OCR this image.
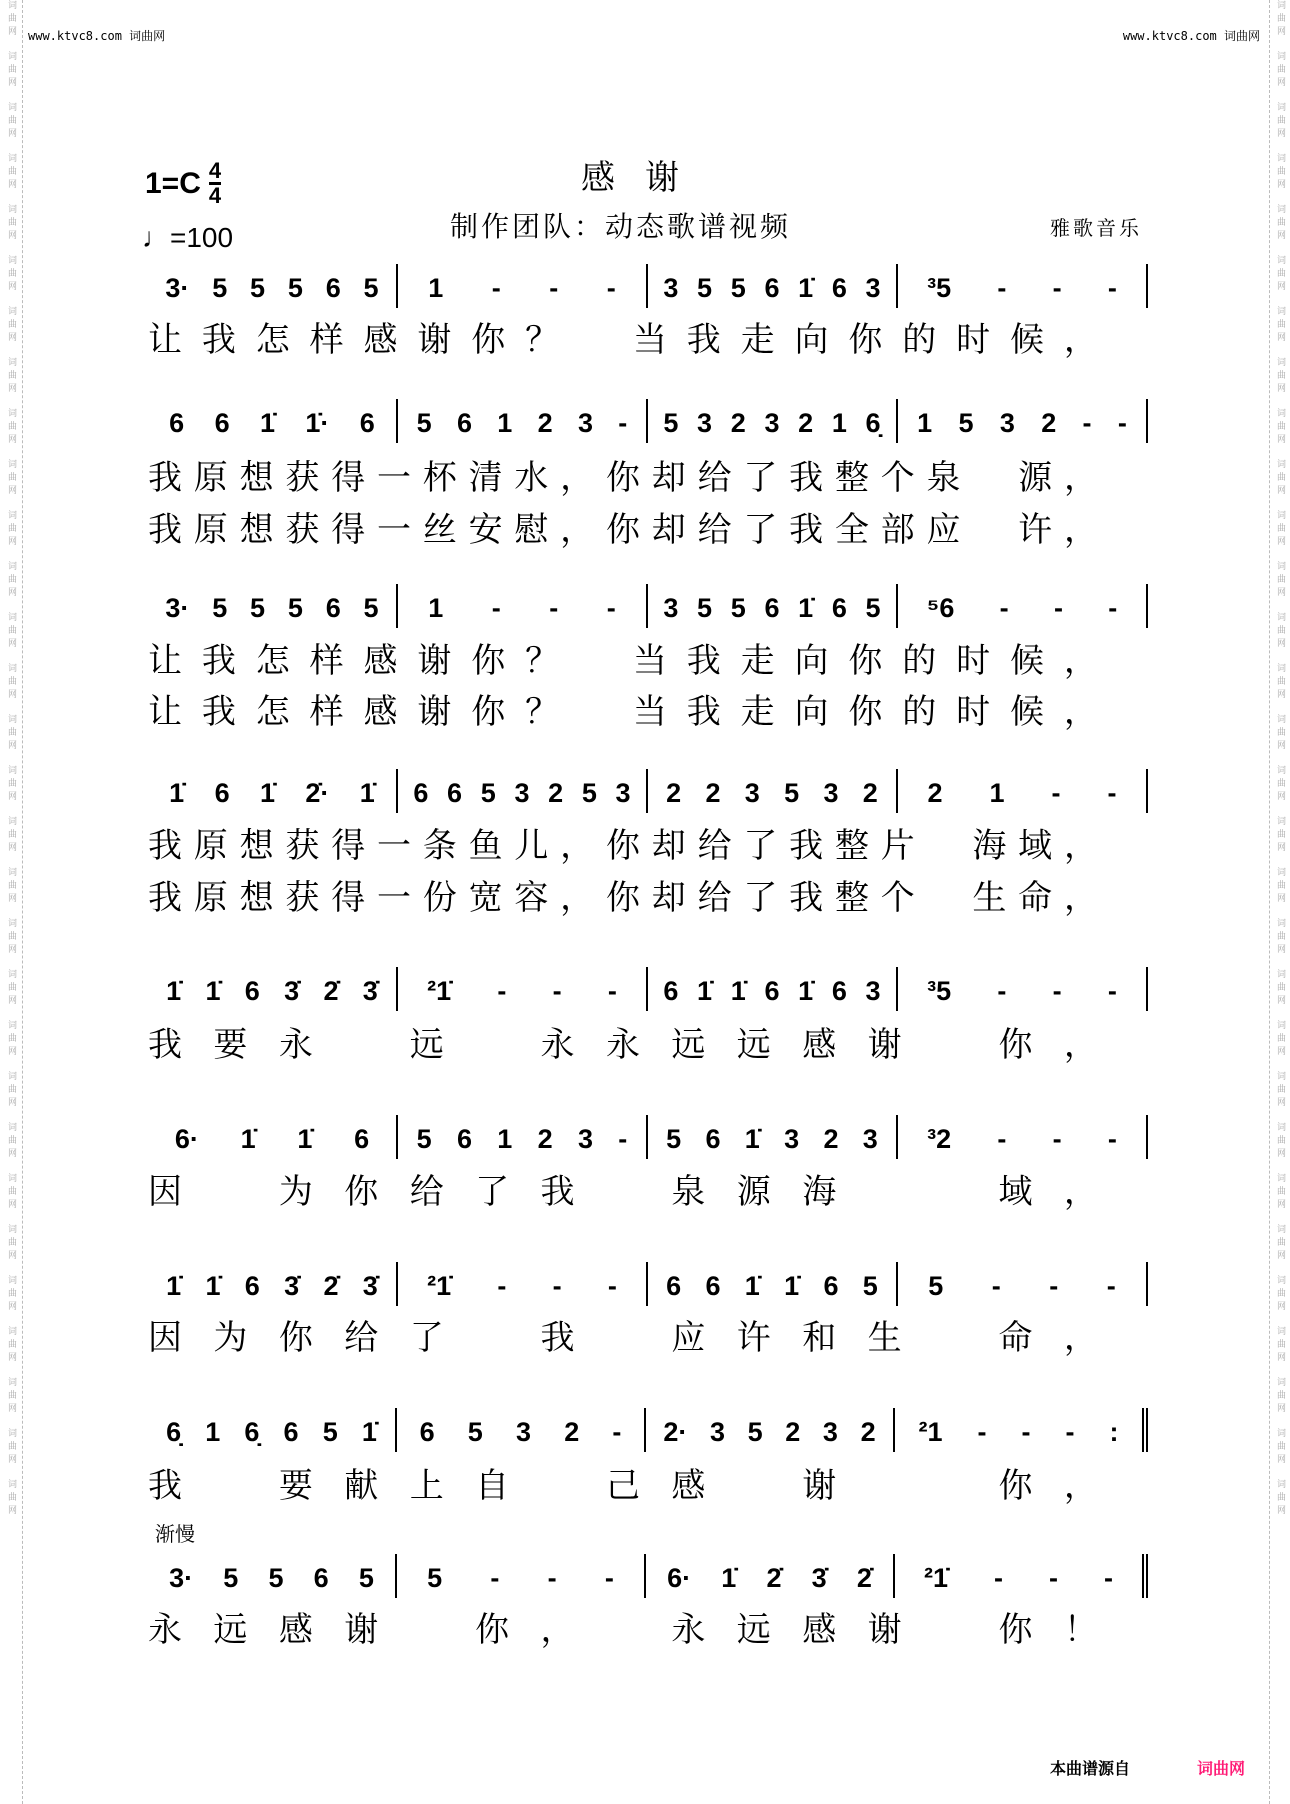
词曲网
词曲网
词曲网
词曲网
词曲网
词曲网
词曲网
词曲网
词曲网
词曲网
词曲网
词曲网
词曲网
词曲网
词曲网
词曲网
词曲网
词曲网
词曲网
词曲网
词曲网
词曲网
词曲网
词曲网
词曲网
词曲网
词曲网
词曲网
词曲网
词曲网
词曲网
词曲网
词曲网
词曲网
词曲网
词曲网
词曲网
词曲网
词曲网
词曲网
词曲网
词曲网
词曲网
词曲网
词曲网
词曲网
词曲网
词曲网
词曲网
词曲网
词曲网
词曲网
词曲网
词曲网
词曲网
词曲网
词曲网
词曲网
词曲网
词曲网
www.ktvc8.com 词曲网	www.ktvc8.com 词曲网
$1=C \frac{4}{4}$
♩=100
感谢
制作团队：动态歌谱视频	雅歌音乐
渐慢
3· 5 5 5 6 5 1 - - - 3 5 5 6 1̇ 6 3 ³5 - - -
让 我 怎 样 感 谢 你 ？
　 当 我 走 向 你 的 时 候 ，
6 6 1̇ 1̇· 6 5 6 1 2 3 - 5 3 2 3 2 1 6̣ 1 5 3 2 - -
我 原 想 获 得 一 杯 清 水 ， 你 却 给 了 我 整 个 泉
　 源 ，
我 原 想 获 得 一 丝 安 慰 ， 你 却 给 了 我 全 部 应
　 许 ，
3· 5 5 5 6 5 1 - - - 3 5 5 6 1̇ 6 5 ⁵6 - - -
让 我 怎 样 感 谢 你 ？
　 当 我 走 向 你 的 时 候 ，
让 我 怎 样 感 谢 你 ？
　 当 我 走 向 你 的 时 候 ，
1̇ 6 1̇ 2̇· 1̇ 6 6 5 3 2 5 3 2 2 3 5 3 2 2 1 - -
我 原 想 获 得 一 条 鱼 儿 ， 你 却 给 了 我 整 片
　 海 域 ，
我 原 想 获 得 一 份 宽 容 ， 你 却 给 了 我 整 个
　 生 命 ，
1̇ 1̇ 6 3̇ 2̇ 3̇ ²1̇ - - - 6 1̇ 1̇ 6 1̇ 6 3 ³5 - - -
我 要 永
　	远
　	永 永 远 远 感 谢
　	你 ，
6· 1̇ 1̇ 6 5 6 1 2 3 - 5 6 1̇ 3 2 3 ³2 - - -
因
　	为 你 给 了 我
　	泉 源 海

　	域 ，
1̇ 1̇ 6 3̇ 2̇ 3̇ ²1̇ - - - 6 6 1̇ 1̇ 6 5 5 - - -
因 为 你 给 了
　	我
　	应 许 和 生
　	命 ，
6̣ 1 6̣ 6 5 1̇ 6 5 3 2 - 2· 3 5 2 3 2 ²1 - - - :
我
　	要 献 上 自
　	己 感
　	谢

　	你 ，
3· 5 5 6 5 5 - - - 6· 1̇ 2̇ 3̇ 2̇ ²1̇ - - -
永 远 感 谢
　	你 ，
　	永 远 感 谢
　	你 ！
本曲谱源自	词曲网
